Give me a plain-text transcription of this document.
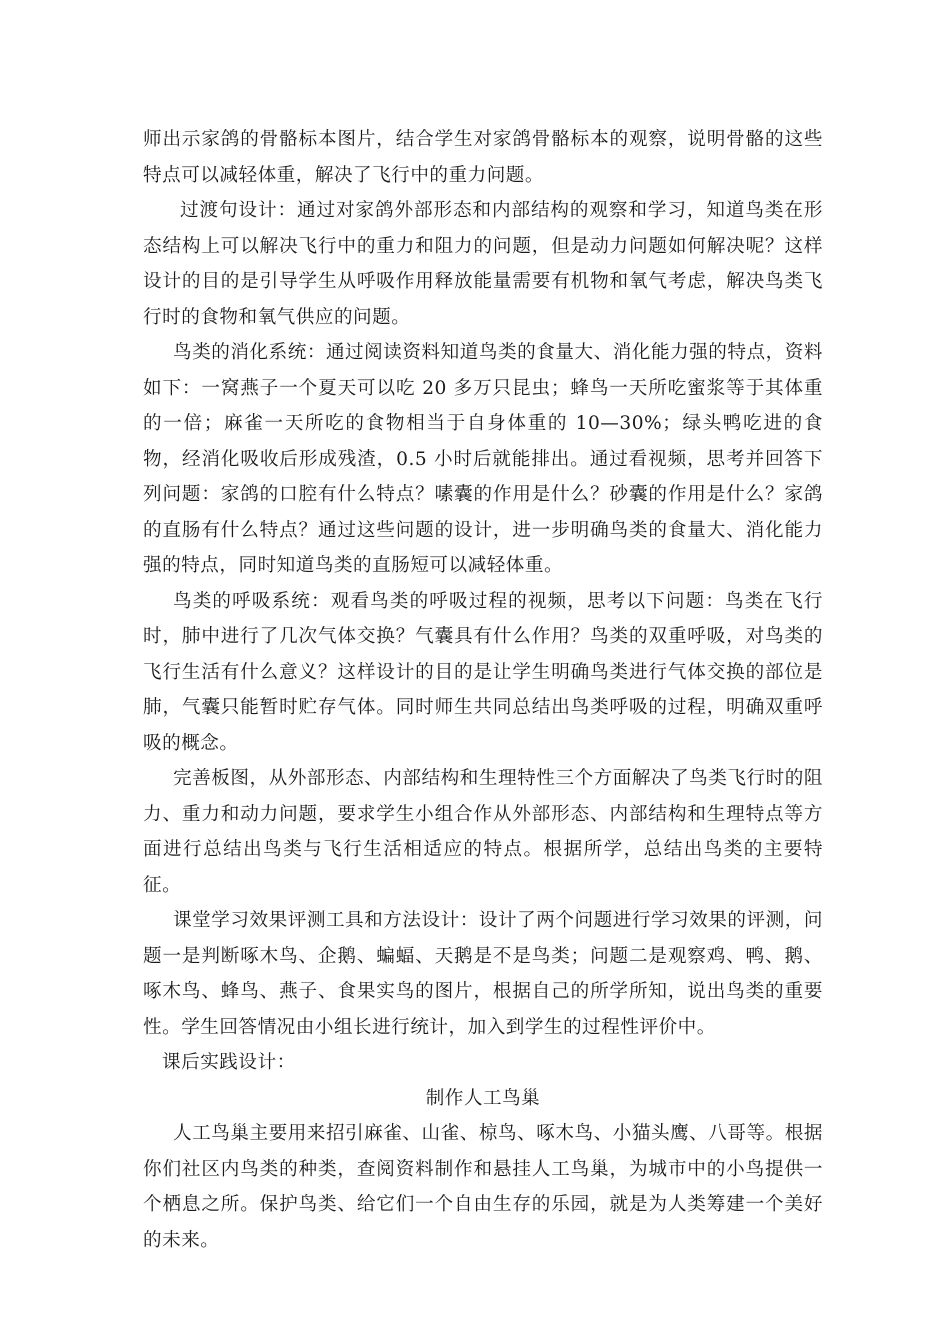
师出示家鸽的骨骼标本图片，结合学生对家鸽骨骼标本的观察，说明骨骼的这些特点可以减轻体重，解决了飞行中的重力问题。

过渡句设计：通过对家鸽外部形态和内部结构的观察和学习，知道鸟类在形态结构上可以解决飞行中的重力和阻力的问题，但是动力问题如何解决呢？这样设计的目的是引导学生从呼吸作用释放能量需要有机物和氧气考虑，解决鸟类飞行时的食物和氧气供应的问题。

鸟类的消化系统：通过阅读资料知道鸟类的食量大、消化能力强的特点，资料如下：一窝燕子一个夏天可以吃 20 多万只昆虫；蜂鸟一天所吃蜜浆等于其体重的一倍；麻雀一天所吃的食物相当于自身体重的 10—30%；绿头鸭吃进的食物，经消化吸收后形成残渣，0.5 小时后就能排出。通过看视频，思考并回答下列问题：家鸽的口腔有什么特点？嗉囊的作用是什么？砂囊的作用是什么？家鸽的直肠有什么特点？通过这些问题的设计，进一步明确鸟类的食量大、消化能力强的特点，同时知道鸟类的直肠短可以减轻体重。

鸟类的呼吸系统：观看鸟类的呼吸过程的视频，思考以下问题：鸟类在飞行时，肺中进行了几次气体交换？气囊具有什么作用？鸟类的双重呼吸，对鸟类的飞行生活有什么意义？这样设计的目的是让学生明确鸟类进行气体交换的部位是肺，气囊只能暂时贮存气体。同时师生共同总结出鸟类呼吸的过程，明确双重呼吸的概念。

完善板图，从外部形态、内部结构和生理特性三个方面解决了鸟类飞行时的阻力、重力和动力问题，要求学生小组合作从外部形态、内部结构和生理特点等方面进行总结出鸟类与飞行生活相适应的特点。根据所学，总结出鸟类的主要特征。

课堂学习效果评测工具和方法设计：设计了两个问题进行学习效果的评测，问题一是判断啄木鸟、企鹅、蝙蝠、天鹅是不是鸟类；问题二是观察鸡、鸭、鹅、啄木鸟、蜂鸟、燕子、食果实鸟的图片，根据自己的所学所知，说出鸟类的重要性。学生回答情况由小组长进行统计，加入到学生的过程性评价中。

课后实践设计：

制作人工鸟巢

人工鸟巢主要用来招引麻雀、山雀、椋鸟、啄木鸟、小猫头鹰、八哥等。根据你们社区内鸟类的种类，查阅资料制作和悬挂人工鸟巢，为城市中的小鸟提供一个栖息之所。保护鸟类、给它们一个自由生存的乐园，就是为人类筹建一个美好的未来。
